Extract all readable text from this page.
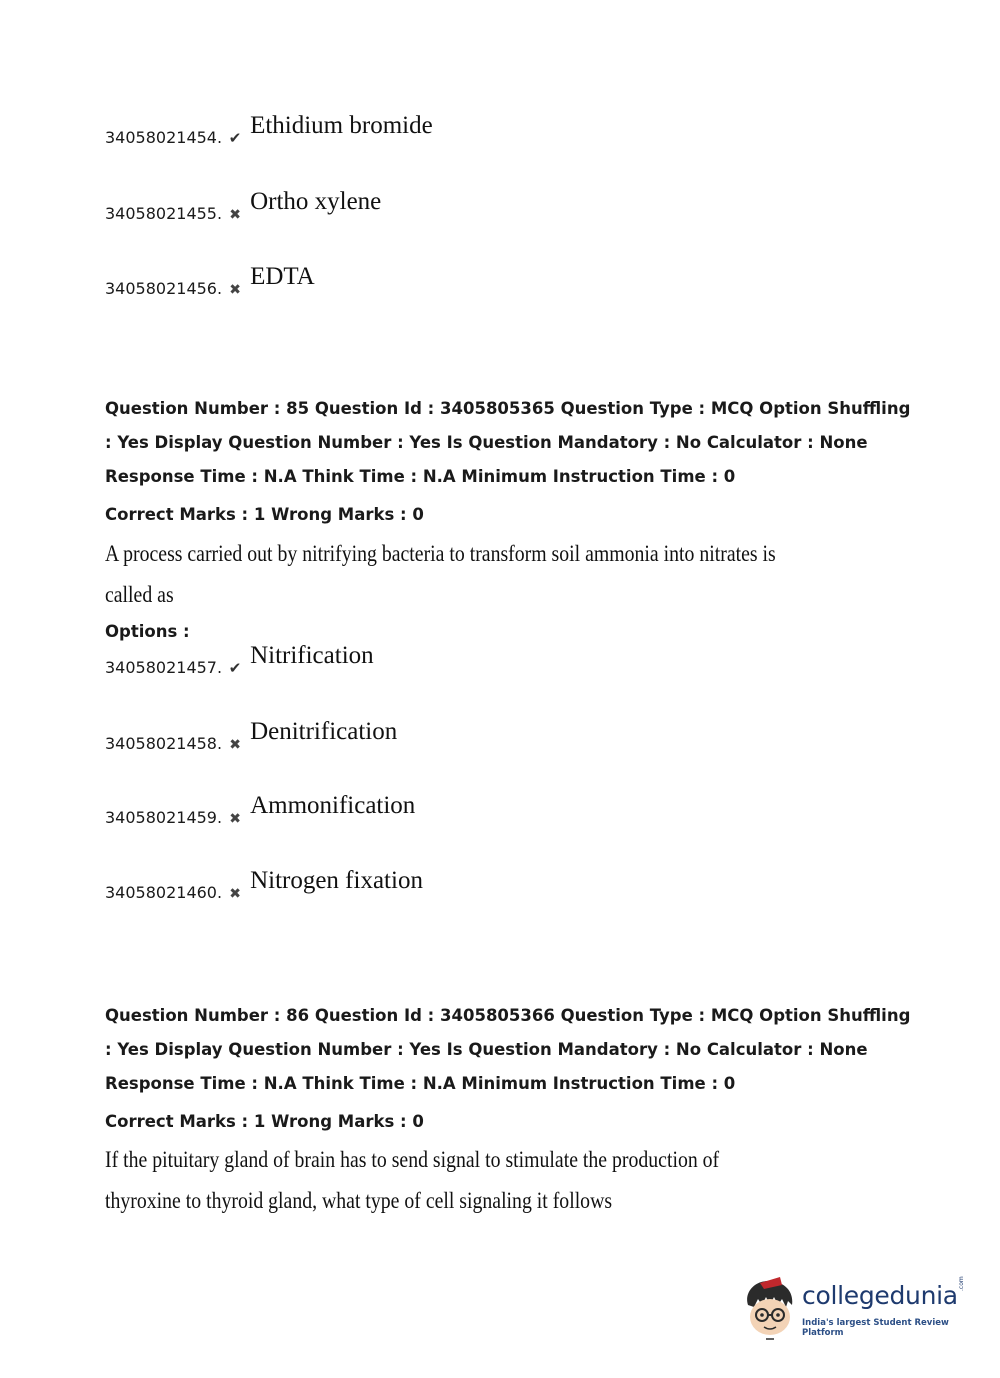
34058021454. ✔ Ethidium bromide
34058021455. ✖ Ortho xylene
34058021456. ✖ EDTA
Question Number : 85 Question Id : 3405805365 Question Type : MCQ Option Shuffling : Yes Display Question Number : Yes Is Question Mandatory : No Calculator : None Response Time : N.A Think Time : N.A Minimum Instruction Time : 0
Correct Marks : 1 Wrong Marks : 0
A process carried out by nitrifying bacteria to transform soil ammonia into nitrates is
called as
Options :
34058021457. ✔ Nitrification
34058021458. ✖ Denitrification
34058021459. ✖ Ammonification
34058021460. ✖ Nitrogen fixation
Question Number : 86 Question Id : 3405805366 Question Type : MCQ Option Shuffling : Yes Display Question Number : Yes Is Question Mandatory : No Calculator : None Response Time : N.A Think Time : N.A Minimum Instruction Time : 0
Correct Marks : 1 Wrong Marks : 0
If the pituitary gland of brain has to send signal to stimulate the production of
thyroxine to thyroid gland, what type of cell signaling it follows
collegedunia .com
India's largest Student Review Platform
